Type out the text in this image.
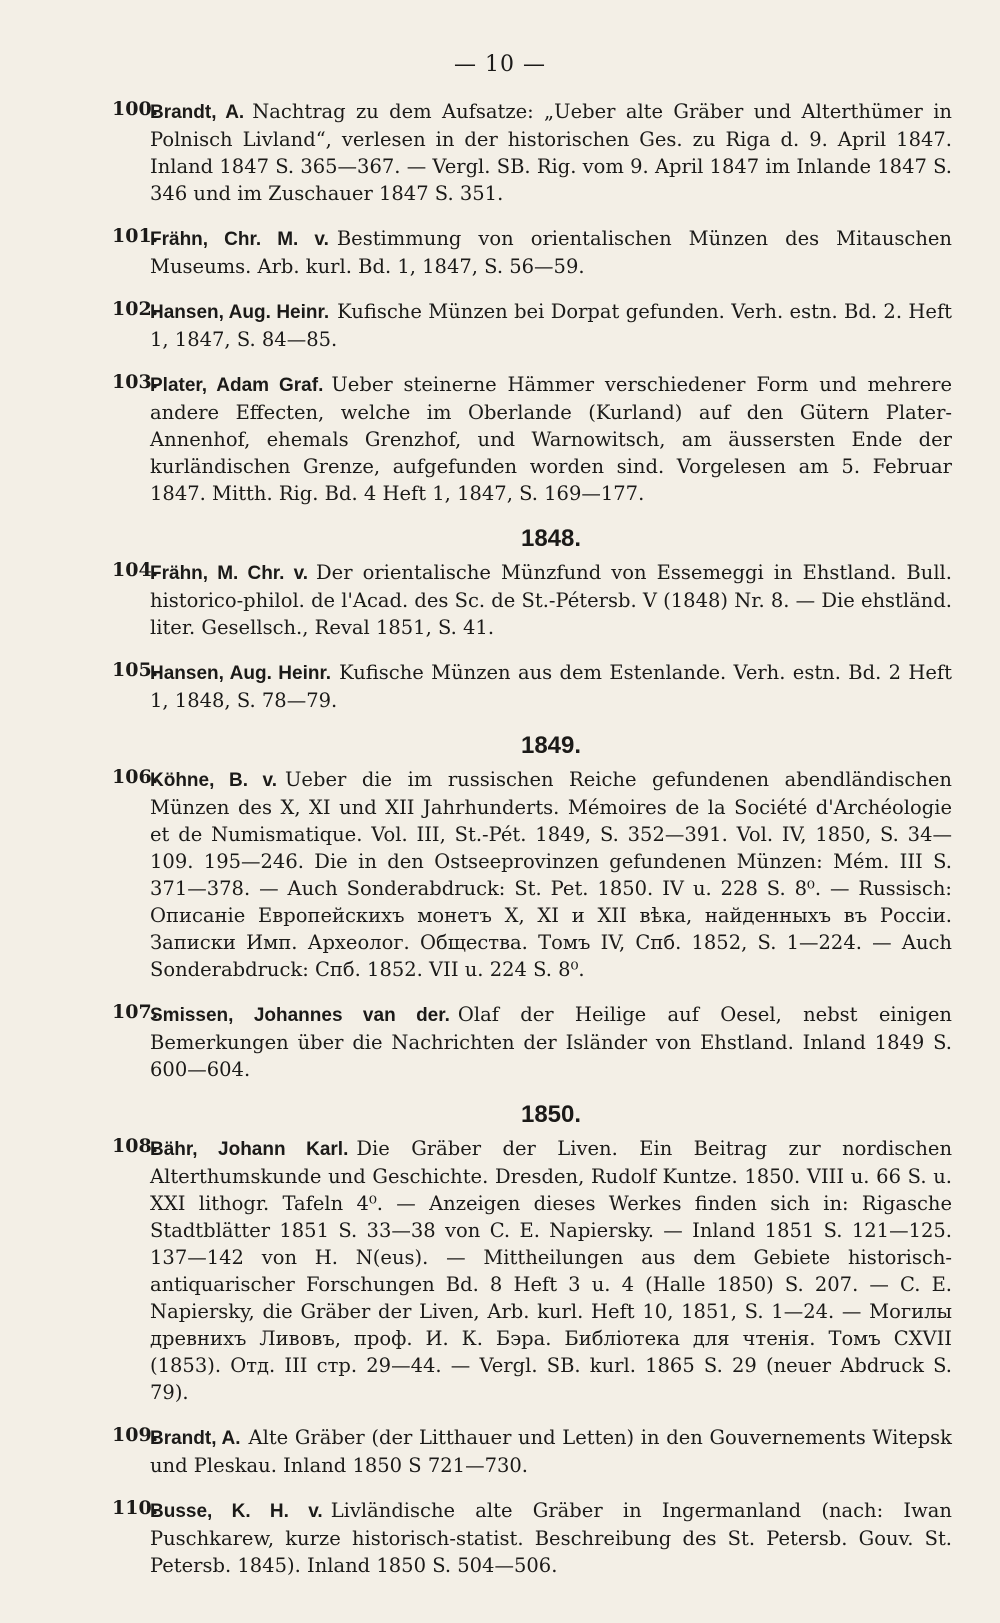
— 10 —
100.
Brandt, A. Nachtrag zu dem Aufsatze: „Ueber alte Gräber und Alterthümer in Polnisch Livland“, verlesen in der historischen Ges. zu Riga d. 9. April 1847. Inland 1847 S. 365—367. — Vergl. SB. Rig. vom 9. April 1847 im Inlande 1847 S. 346 und im Zuschauer 1847 S. 351.
101.
Frähn, Chr. M. v. Bestimmung von orientalischen Münzen des Mitauschen Museums. Arb. kurl. Bd. 1, 1847, S. 56—59.
102.
Hansen, Aug. Heinr. Kufische Münzen bei Dorpat gefunden. Verh. estn. Bd. 2. Heft 1, 1847, S. 84—85.
103.
Plater, Adam Graf. Ueber steinerne Hämmer verschiedener Form und mehrere andere Effecten, welche im Oberlande (Kurland) auf den Gütern Plater-Annenhof, ehemals Grenzhof, und Warnowitsch, am äussersten Ende der kurländischen Grenze, aufgefunden worden sind. Vorgelesen am 5. Februar 1847. Mitth. Rig. Bd. 4 Heft 1, 1847, S. 169—177.
1848.
104.
Frähn, M. Chr. v. Der orientalische Münzfund von Essemeggi in Ehstland. Bull. historico-philol. de l'Acad. des Sc. de St.-Pétersb. V (1848) Nr. 8. — Die ehstländ. liter. Gesellsch., Reval 1851, S. 41.
105.
Hansen, Aug. Heinr. Kufische Münzen aus dem Estenlande. Verh. estn. Bd. 2 Heft 1, 1848, S. 78—79.
1849.
106.
Köhne, B. v. Ueber die im russischen Reiche gefundenen abendländischen Münzen des X, XI und XII Jahrhunderts. Mémoires de la Société d'Archéologie et de Numismatique. Vol. III, St.-Pét. 1849, S. 352—391. Vol. IV, 1850, S. 34—109. 195—246. Die in den Ostseeprovinzen gefundenen Münzen: Mém. III S. 371—378. — Auch Sonderabdruck: St. Pet. 1850. IV u. 228 S. 8⁰. — Russisch: Описаніе Европейскихъ монетъ X, XI и XII вѣка, найденныхъ въ Россіи. Записки Имп. Археолог. Общества. Томъ IV, Спб. 1852, S. 1—224. — Auch Sonderabdruck: Спб. 1852. VII u. 224 S. 8⁰.
107.
Smissen, Johannes van der. Olaf der Heilige auf Oesel, nebst einigen Bemerkungen über die Nachrichten der Isländer von Ehstland. Inland 1849 S. 600—604.
1850.
108.
Bähr, Johann Karl. Die Gräber der Liven. Ein Beitrag zur nordischen Alterthumskunde und Geschichte. Dresden, Rudolf Kuntze. 1850. VIII u. 66 S. u. XXI lithogr. Tafeln 4⁰. — Anzeigen dieses Werkes finden sich in: Rigasche Stadtblätter 1851 S. 33—38 von C. E. Napiersky. — Inland 1851 S. 121—125. 137—142 von H. N(eus). — Mittheilungen aus dem Gebiete historisch-antiquarischer Forschungen Bd. 8 Heft 3 u. 4 (Halle 1850) S. 207. — C. E. Napiersky, die Gräber der Liven, Arb. kurl. Heft 10, 1851, S. 1—24. — Могилы древнихъ Ливовъ, проф. И. К. Бэра. Библіотека для чтенія. Томъ CXVII (1853). Отд. III стр. 29—44. — Vergl. SB. kurl. 1865 S. 29 (neuer Abdruck S. 79).
109.
Brandt, A. Alte Gräber (der Litthauer und Letten) in den Gouvernements Witepsk und Pleskau. Inland 1850 S 721—730.
110.
Busse, K. H. v. Livländische alte Gräber in Ingermanland (nach: Iwan Puschkarew, kurze historisch-statist. Beschreibung des St. Petersb. Gouv. St. Petersb. 1845). Inland 1850 S. 504—506.
